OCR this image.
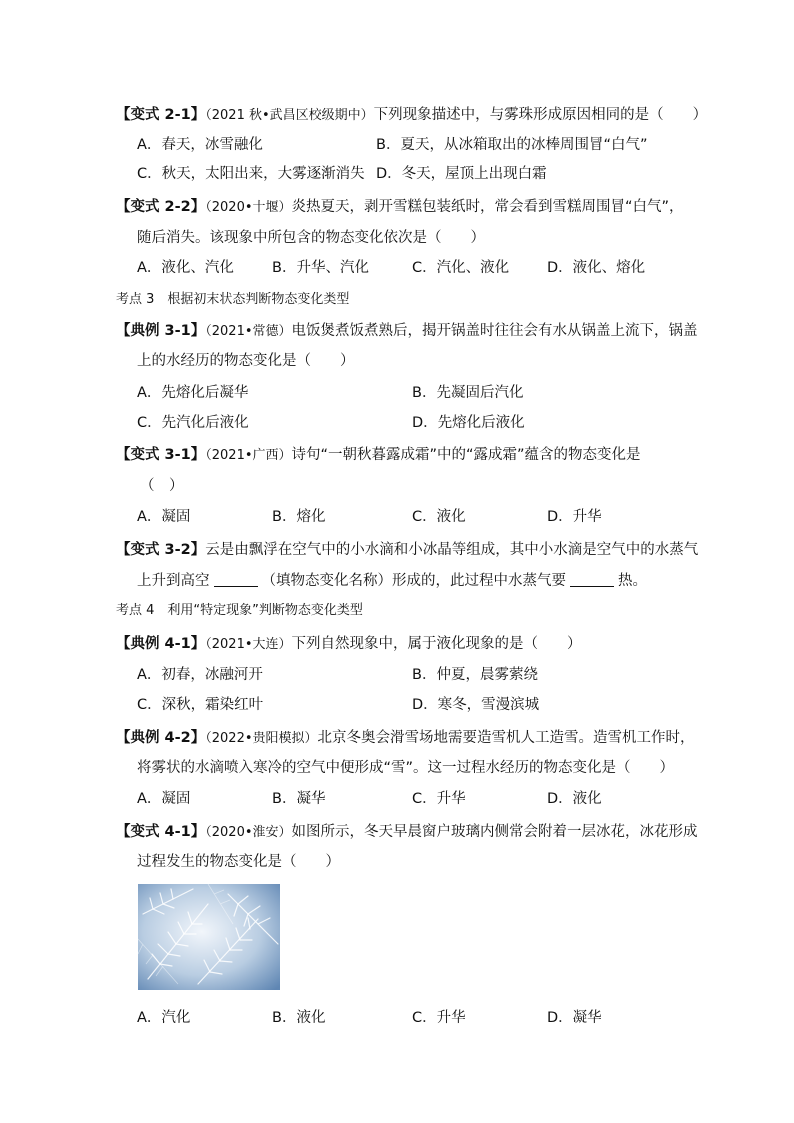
【变式 2-1】（2021 秋•武昌区校级期中）下列现象描述中，与雾珠形成原因相同的是（　　）
A．春天，冰雪融化	B．夏天，从冰箱取出的冰棒周围冒“白气”
C．秋天，太阳出来，大雾逐渐消失 D．冬天，屋顶上出现白霜
【变式 2-2】（2020•十堰）炎热夏天，剥开雪糕包装纸时，常会看到雪糕周围冒“白气”，
随后消失。该现象中所包含的物态变化依次是（　　）
A．液化、汽化	B．升华、汽化	C．汽化、液化	D．液化、熔化
考点 3　根据初末状态判断物态变化类型
【典例 3-1】（2021•常德）电饭煲煮饭煮熟后，揭开锅盖时往往会有水从锅盖上流下，锅盖
上的水经历的物态变化是（　　）
A．先熔化后凝华	B．先凝固后汽化
C．先汽化后液化	D．先熔化后液化
【变式 3-1】（2021•广西）诗句“一朝秋暮露成霜”中的“露成霜”蕴含的物态变化是
（　）
A．凝固	B．熔化	C．液化	D．升华
【变式 3-2】云是由飘浮在空气中的小水滴和小冰晶等组成，其中小水滴是空气中的水蒸气
上升到高空	（填物态变化名称）形成的，此过程中水蒸气要	热。
考点 4　利用“特定现象”判断物态变化类型
【典例 4-1】（2021•大连）下列自然现象中，属于液化现象的是（　　）
A．初春，冰融河开	B．仲夏，晨雾萦绕
C．深秋，霜染红叶	D．寒冬，雪漫滨城
【典例 4-2】（2022•贵阳模拟）北京冬奥会滑雪场地需要造雪机人工造雪。造雪机工作时，
将雾状的水滴喷入寒冷的空气中便形成“雪”。这一过程水经历的物态变化是（　　）
A．凝固	B．凝华	C．升华	D．液化
【变式 4-1】（2020•淮安）如图所示，冬天早晨窗户玻璃内侧常会附着一层冰花，冰花形成
过程发生的物态变化是（　　）
A．汽化	B．液化	C．升华	D．凝华
